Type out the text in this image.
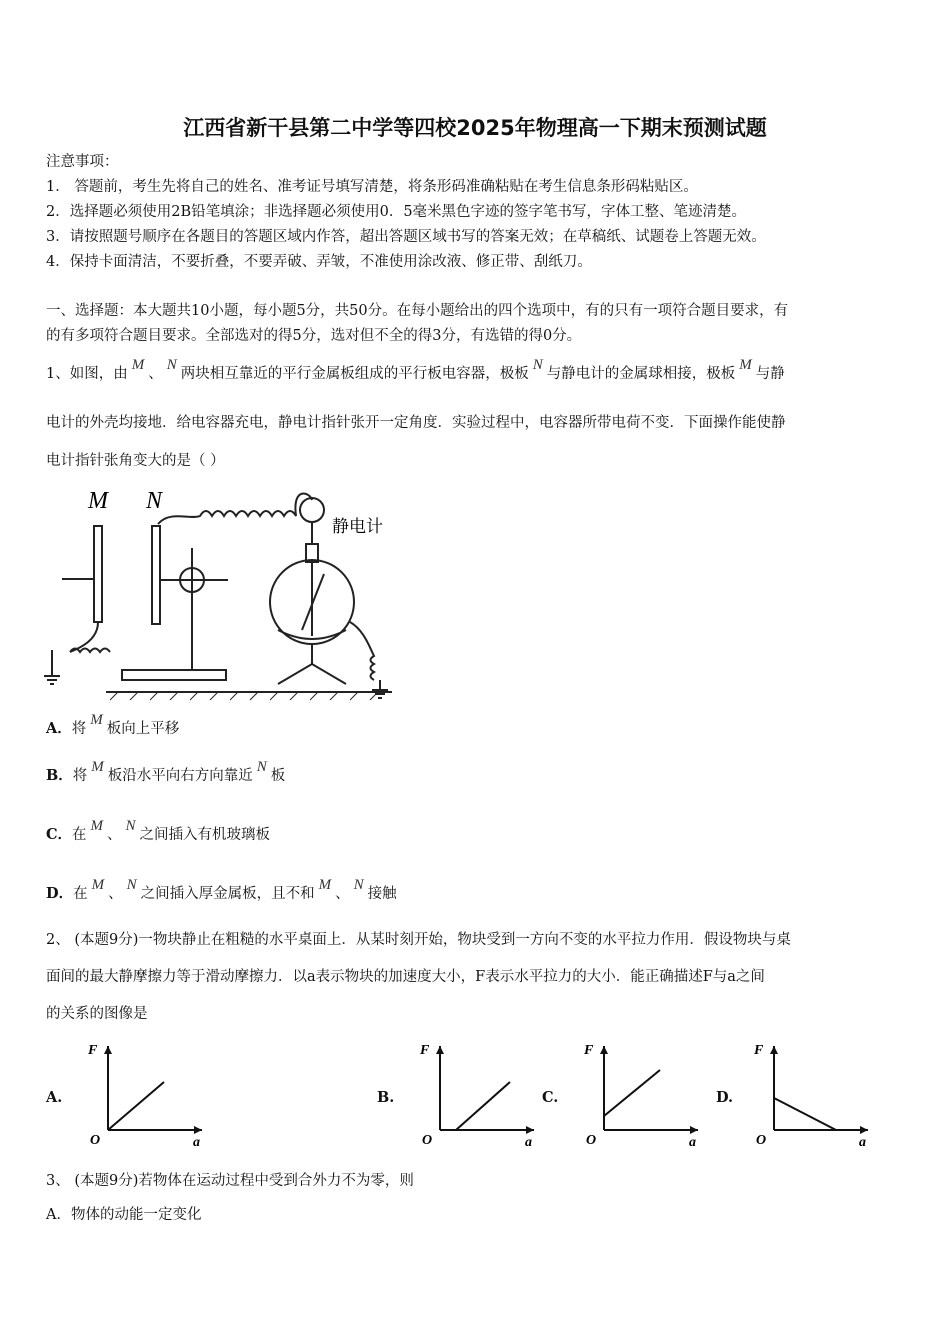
江西省新干县第二中学等四校2025年物理高一下期末预测试题
注意事项：
1． 答题前，考生先将自己的姓名、准考证号填写清楚，将条形码准确粘贴在考生信息条形码粘贴区。
2．选择题必须使用2B铅笔填涂；非选择题必须使用0．5毫米黑色字迹的签字笔书写，字体工整、笔迹清楚。
3．请按照题号顺序在各题目的答题区域内作答，超出答题区域书写的答案无效；在草稿纸、试题卷上答题无效。
4．保持卡面清洁，不要折叠，不要弄破、弄皱，不准使用涂改液、修正带、刮纸刀。
一、选择题：本大题共10小题，每小题5分，共50分。在每小题给出的四个选项中，有的只有一项符合题目要求，有
的有多项符合题目要求。全部选对的得5分，选对但不全的得3分，有选错的得0分。
1、如图，由M、N两块相互靠近的平行金属板组成的平行板电容器，极板N与静电计的金属球相接，极板M与静
电计的外壳均接地．给电容器充电，静电计指针张开一定角度．实验过程中，电容器所带电荷不变．下面操作能使静
电计指针张角变大的是（ ）
M N
静电计
A．将M板向上平移
B．将M板沿水平向右方向靠近N板
C．在M、N之间插入有机玻璃板
D．在M、N之间插入厚金属板，且不和M、N接触
2、 (本题9分)一物块静止在粗糙的水平桌面上．从某时刻开始，物块受到一方向不变的水平拉力作用．假设物块与桌
面间的最大静摩擦力等于滑动摩擦力．以a表示物块的加速度大小，F表示水平拉力的大小．能正确描述F与a之间
的关系的图像是
A.
F
O	a
B.
F
O	a
C.
F
O	a
D.
F
O	a
3、 (本题9分)若物体在运动过程中受到合外力不为零，则
A．物体的动能一定变化
